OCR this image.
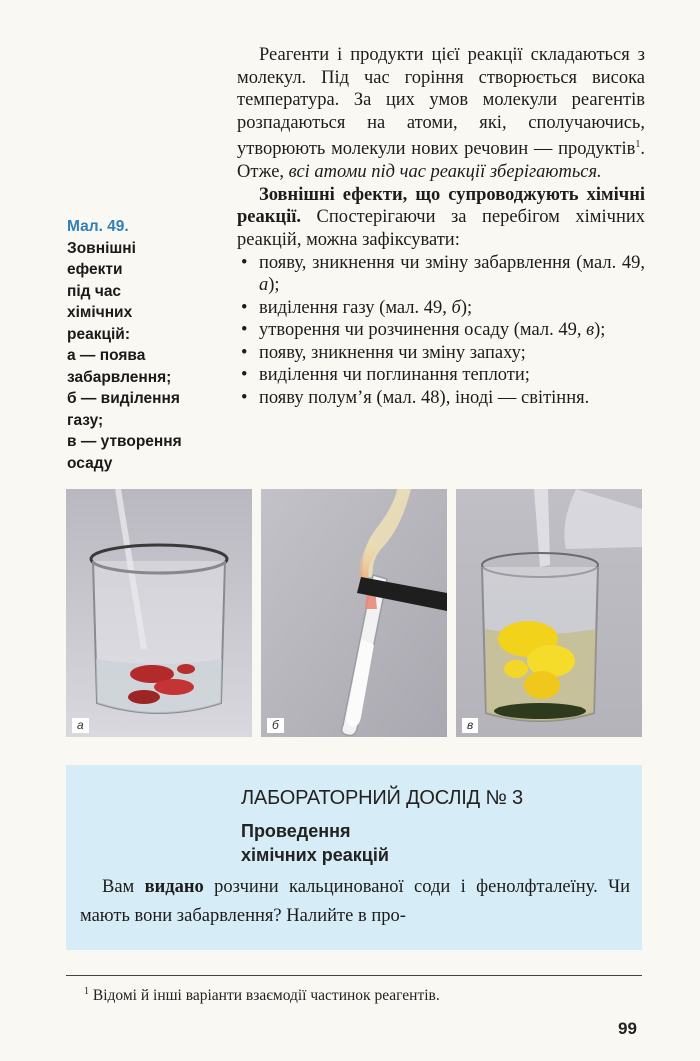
Мал. 49.
Зовнішні
ефекти
під час
хімічних
реакцій:
а — поява
забарвлення;
б — виділення
газу;
в — утворення
осаду

Реагенти і продукти цієї реакції складаються з молекул. Під час горіння створюється висока температура. За цих умов молекули реагентів розпадаються на атоми, які, сполучаючись, утворюють молекули нових речовин — продуктів$^1$. Отже, всі атоми під час реакції зберігаються.

Зовнішні ефекти, що супроводжують хімічні реакції. Спостерігаючи за перебігом хімічних реакцій, можна зафіксувати:

• появу, зникнення чи зміну забарвлення (мал. 49, а);
• виділення газу (мал. 49, б);
• утворення чи розчинення осаду (мал. 49, в);
• появу, зникнення чи зміну запаху;
• виділення чи поглинання теплоти;
• появу полум’я (мал. 48), іноді — світіння.
а	б	в
ЛАБОРАТОРНИЙ ДОСЛІД № 3
Проведення
хімічних реакцій

Вам видано розчини кальцинованої соди і фенолфталеїну. Чи мають вони забарвлення? Налийте в про-

$^1$ Відомі й інші варіанти взаємодії частинок реагентів.
99
